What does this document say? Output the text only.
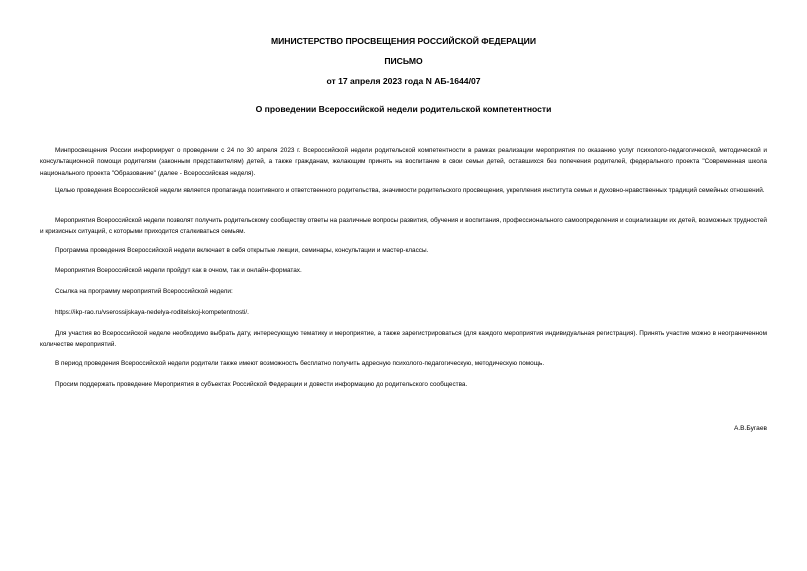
МИНИСТЕРСТВО ПРОСВЕЩЕНИЯ РОССИЙСКОЙ ФЕДЕРАЦИИ
ПИСЬМО
от 17 апреля 2023 года N АБ-1644/07
О проведении Всероссийской недели родительской компетентности

Минпросвещения России информирует о проведении с 24 по 30 апреля 2023 г. Всероссийской недели родительской компетентности в рамках реализации мероприятия по оказанию услуг психолого-педагогической, методической и консультационной помощи родителям (законным представителям) детей, а также гражданам, желающим принять на воспитание в свои семьи детей, оставшихся без попечения родителей, федерального проекта "Современная школа национального проекта "Образование" (далее - Всероссийская неделя).

Целью проведения Всероссийской недели является пропаганда позитивного и ответственного родительства, значимости родительского просвещения, укрепления института семьи и духовно-нравственных традиций семейных отношений.

Мероприятия Всероссийской недели позволят получить родительскому сообществу ответы на различные вопросы развития, обучения и воспитания, профессионального самоопределения и социализации их детей, возможных трудностей и кризисных ситуаций, с которыми приходится сталкиваться семьям.

Программа проведения Всероссийской недели включает в себя открытые лекции, семинары, консультации и мастер-классы.

Мероприятия Всероссийской недели пройдут как в очном, так и онлайн-форматах.

Ссылка на программу мероприятий Всероссийской недели:

https://ikp-rao.ru/vserossijskaya-nedelya-roditelskoj-kompetentnosti/.

Для участия во Всероссийской неделе необходимо выбрать дату, интересующую тематику и мероприятие, а также зарегистрироваться (для каждого мероприятия индивидуальная регистрация). Принять участие можно в неограниченном количестве мероприятий.

В период проведения Всероссийской недели родители также имеют возможность бесплатно получить адресную психолого-педагогическую, методическую помощь.

Просим поддержать проведение Мероприятия в субъектах Российской Федерации и довести информацию до родительского сообщества.

А.В.Бугаев
